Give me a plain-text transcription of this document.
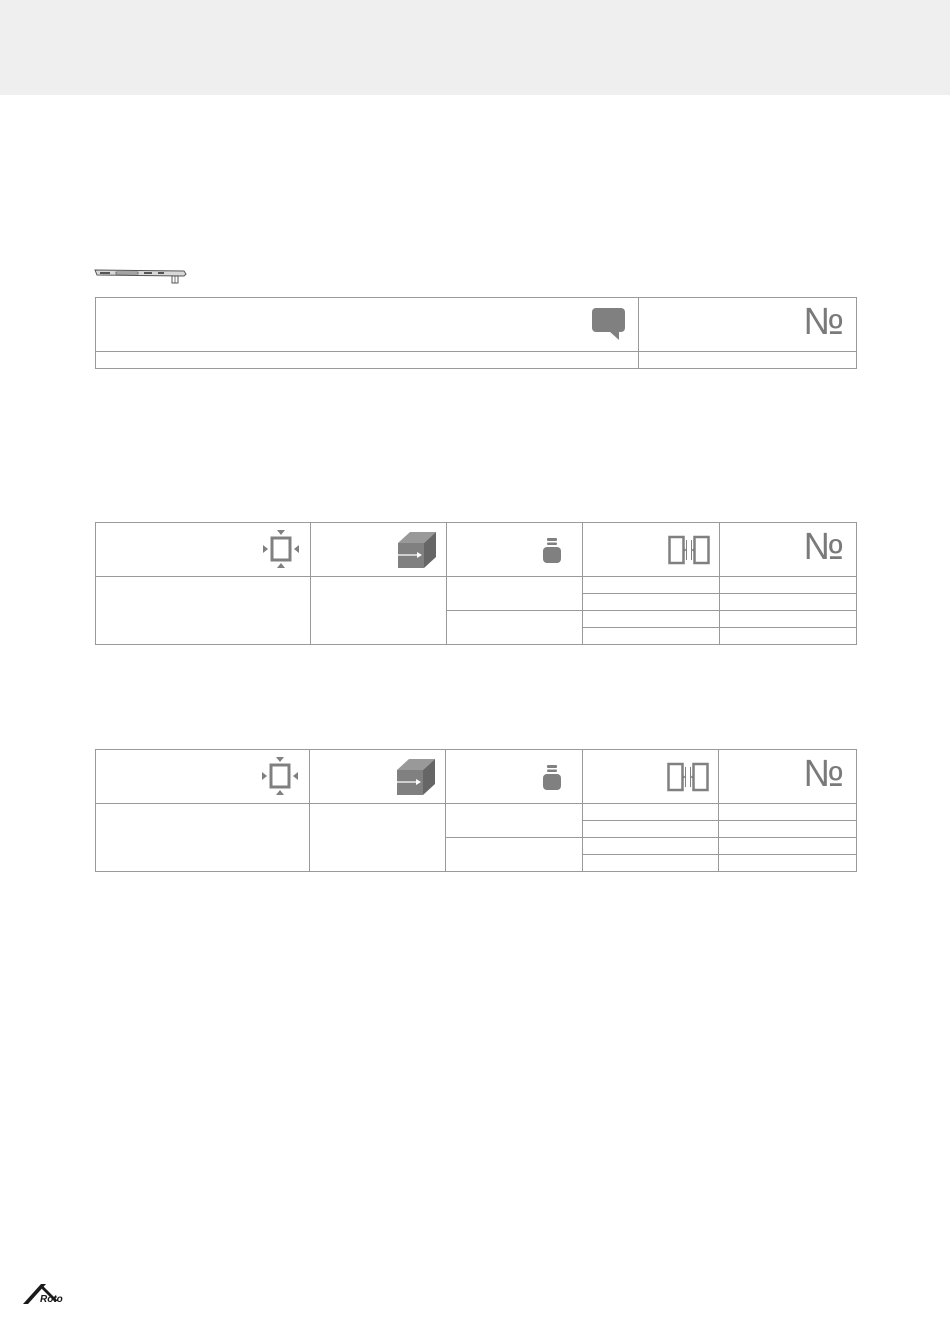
№

№

№

Roto
